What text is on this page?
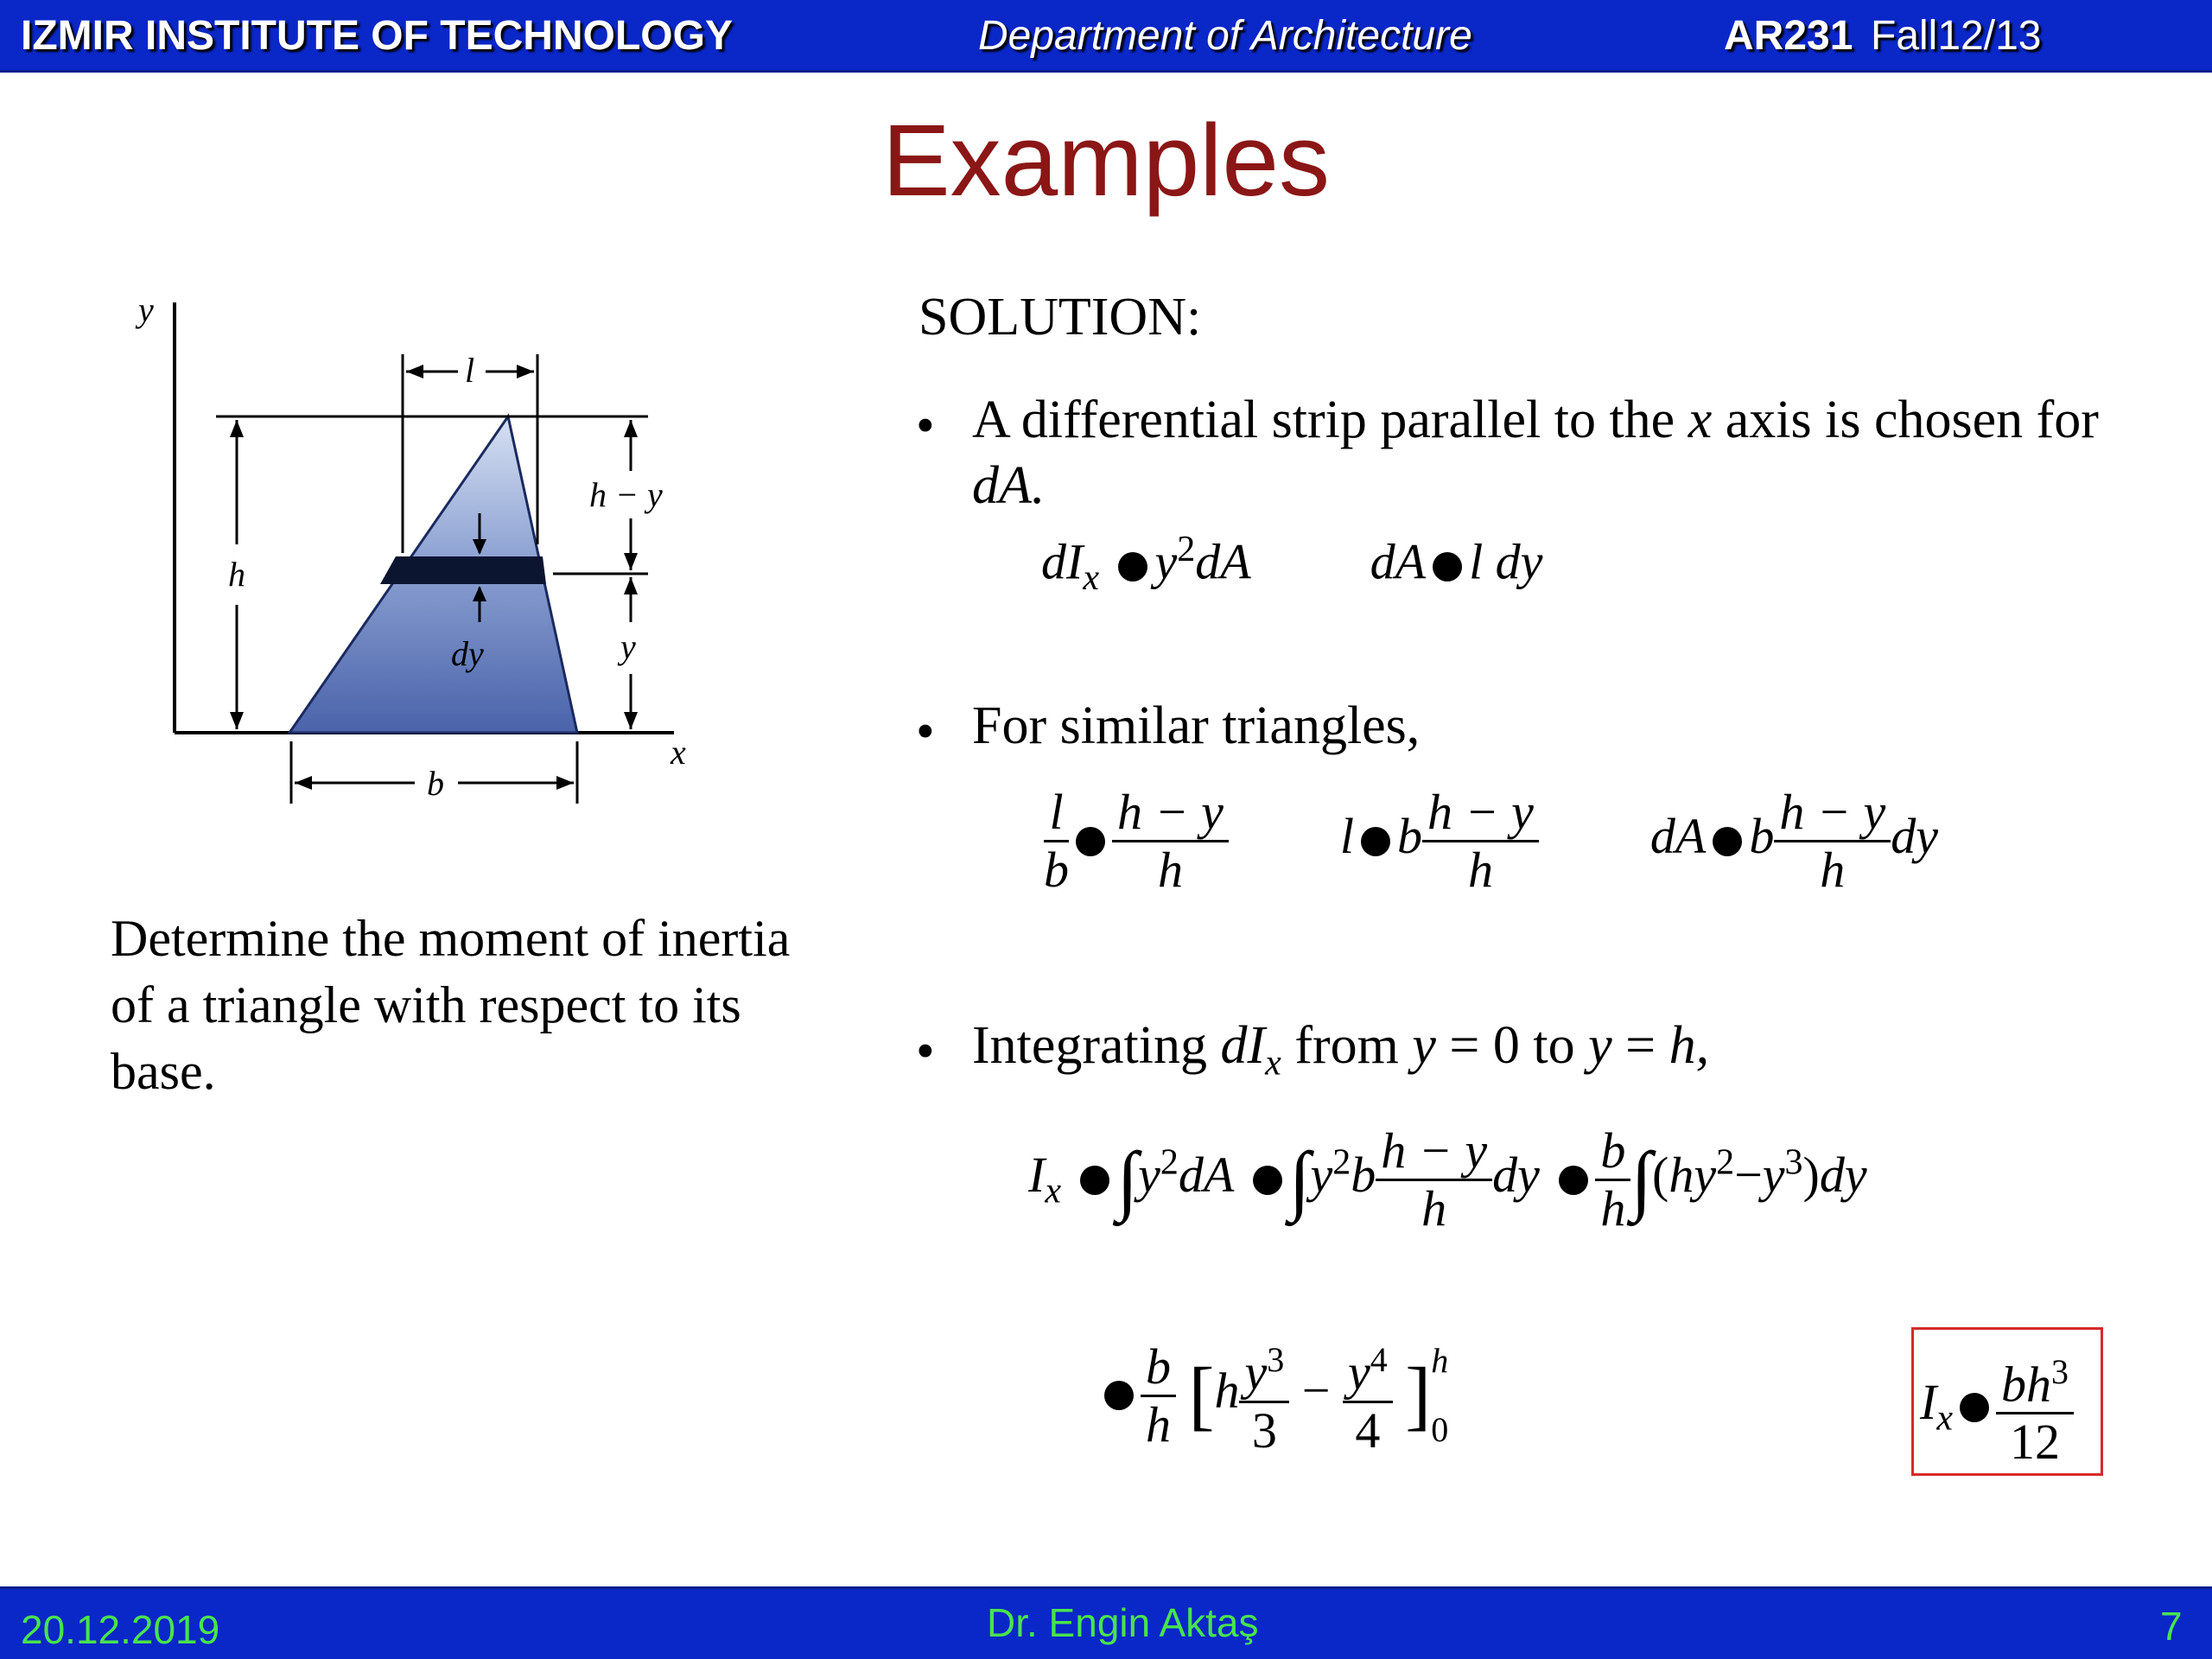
IZMIR INSTITUTE OF TECHNOLOGY	Department of Architecture	AR231 Fall12/13
Examples
y
x
l
h
h − y
dy	y
b
Determine the moment of inertia of a triangle with respect to its base.
SOLUTION:
• A differential strip parallel to the x axis is chosen for dA.
$dI_x$ $y^2dA$ dA l dy
• For similar triangles,
$\frac{l}{b} \frac{h - y}{h}$ l b $\frac{h - y}{h}$ dA b $\frac{h - y}{h}$ dy
• Integrating $dI_x$ from y = 0 to y = h,
$I_x$ $\int y^2dA$ $\int y^2b \frac{h - y}{h}$ dy $\frac{b}{h} \int(hy^2-y^3)dy$
$\frac{b}{h} [h \frac{y^3}{3} - \frac{y^4}{4}$ ] h
0	$I_x \frac{bh^3}{12}$
20.12.2019	Dr. Engin Aktaş	7
